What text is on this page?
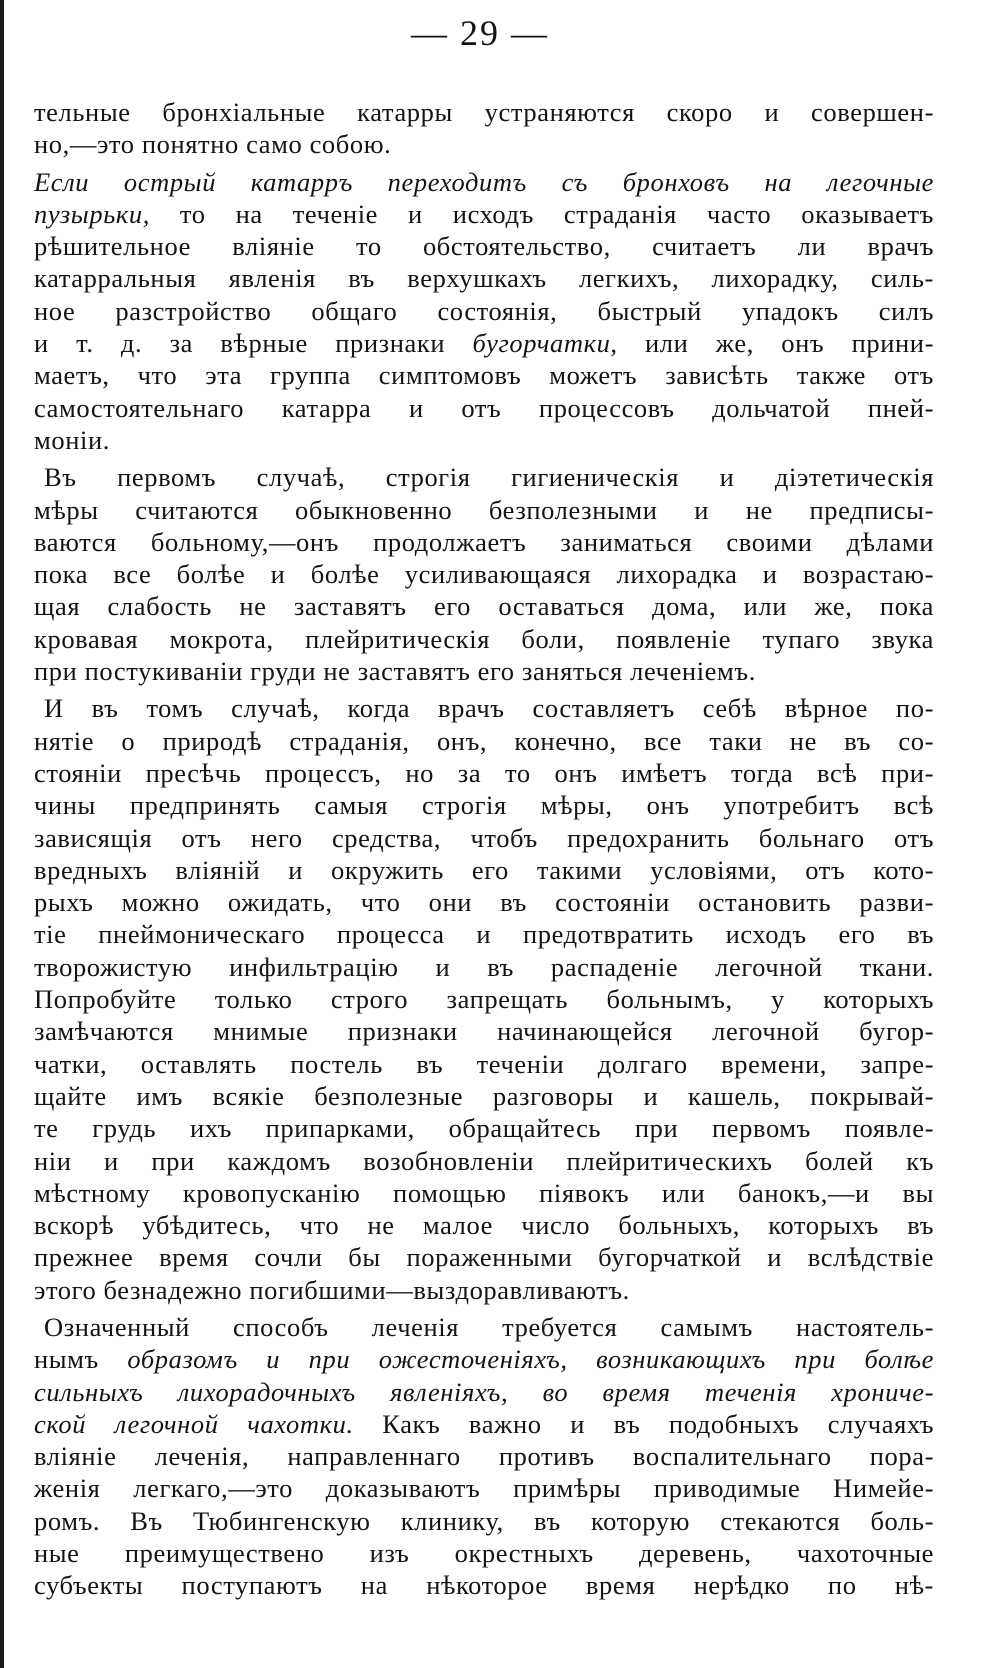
— 29 —
тельные бронхіальные катарры устраняются скоро и совершен-
но,—это понятно само собою.
Если острый катарръ переходитъ съ бронховъ на легочные
пузырьки, то на теченіе и исходъ страданія часто оказываетъ
рѣшительное вліяніе то обстоятельство, считаетъ ли врачъ
катарральныя явленія въ верхушкахъ легкихъ, лихорадку, силь-
ное разстройство общаго состоянія, быстрый упадокъ силъ
и т. д. за вѣрные признаки бугорчатки, или же, онъ прини-
маетъ, что эта группа симптомовъ можетъ зависѣть также отъ
самостоятельнаго катарра и отъ процессовъ дольчатой пней-
моніи.
Въ первомъ случаѣ, строгія гигиеническія и діэтетическія
мѣры считаются обыкновенно безполезными и не предписы-
ваются больному,—онъ продолжаетъ заниматься своими дѣлами
пока все болѣе и болѣе усиливающаяся лихорадка и возрастаю-
щая слабость не заставятъ его оставаться дома, или же, пока
кровавая мокрота, плейритическія боли, появленіе тупаго звука
при постукиваніи груди не заставятъ его заняться леченіемъ.
И въ томъ случаѣ, когда врачъ составляетъ себѣ вѣрное по-
нятіе о природѣ страданія, онъ, конечно, все таки не въ со-
стояніи пресѣчь процессъ, но за то онъ имѣетъ тогда всѣ при-
чины предпринять самыя строгія мѣры, онъ употребитъ всѣ
зависящія отъ него средства, чтобъ предохранить больнаго отъ
вредныхъ вліяній и окружить его такими условіями, отъ кото-
рыхъ можно ожидать, что они въ состояніи остановить разви-
тіе пнеймоническаго процесса и предотвратить исходъ его въ
творожистую инфильтрацію и въ распаденіе легочной ткани.
Попробуйте только строго запрещать больнымъ, у которыхъ
замѣчаются мнимые признаки начинающейся легочной бугор-
чатки, оставлять постель въ теченіи долгаго времени, запре-
щайте имъ всякіе безполезные разговоры и кашель, покрывай-
те грудь ихъ припарками, обращайтесь при первомъ появле-
ніи и при каждомъ возобновленіи плейритическихъ болей къ
мѣстному кровопусканію помощью піявокъ или банокъ,—и вы
вскорѣ убѣдитесь, что не малое число больныхъ, которыхъ въ
прежнее время сочли бы пораженными бугорчаткой и вслѣдствіе
этого безнадежно погибшими—выздоравливаютъ.
Означенный способъ леченія требуется самымъ настоятель-
нымъ образомъ и при ожесточеніяхъ, возникающихъ при болѣе
сильныхъ лихорадочныхъ явленіяхъ, во время теченія хрониче-
ской легочной чахотки. Какъ важно и въ подобныхъ случаяхъ
вліяніе леченія, направленнаго противъ воспалительнаго пора-
женія легкаго,—это доказываютъ примѣры приводимые Нимейе-
ромъ. Въ Тюбингенскую клинику, въ которую стекаются боль-
ные преимуществено изъ окрестныхъ деревень, чахоточные
субъекты поступаютъ на нѣкоторое время нерѣдко по нѣ-
